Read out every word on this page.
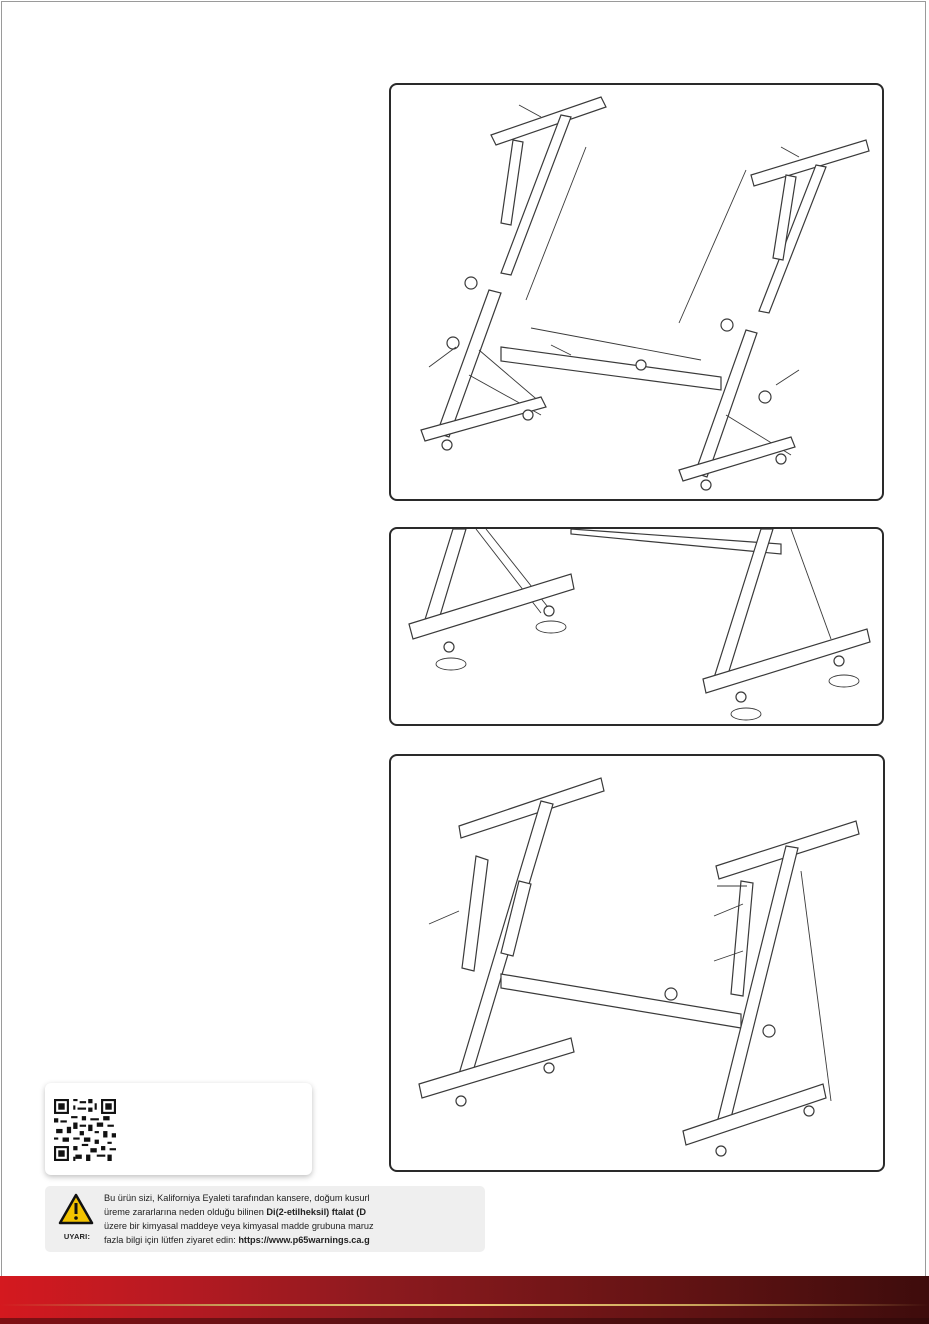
UYARI:
Bu ürün sizi, Kaliforniya Eyaleti tarafından kansere, doğum kusurl
üreme zararlarına neden olduğu bilinen Di(2-etilheksil) ftalat (D
üzere bir kimyasal maddeye veya kimyasal madde grubuna maruz
fazla bilgi için lütfen ziyaret edin: https://www.p65warnings.ca.g
